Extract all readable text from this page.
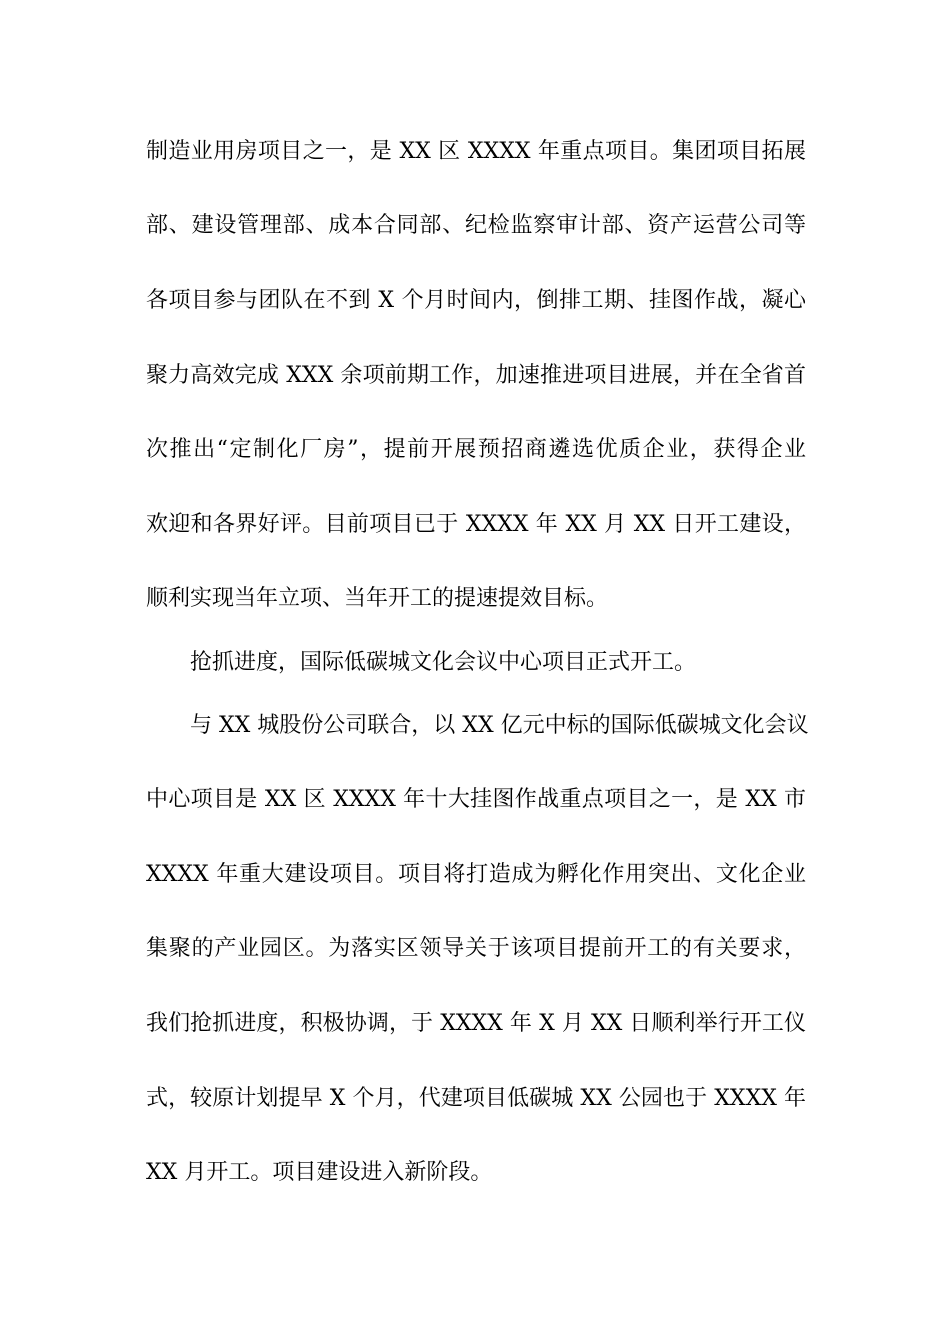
制造业用房项目之一，是 XX 区 XXXX 年重点项目。集团项目拓展
部、建设管理部、成本合同部、纪检监察审计部、资产运营公司等
各项目参与团队在不到 X 个月时间内，倒排工期、挂图作战，凝心
聚力高效完成 XXX 余项前期工作，加速推进项目进展，并在全省首
次推出“定制化厂房”，提前开展预招商遴选优质企业，获得企业
欢迎和各界好评。目前项目已于 XXXX 年 XX 月 XX 日开工建设，
顺利实现当年立项、当年开工的提速提效目标。
抢抓进度，国际低碳城文化会议中心项目正式开工。
与 XX 城股份公司联合，以 XX 亿元中标的国际低碳城文化会议
中心项目是 XX 区 XXXX 年十大挂图作战重点项目之一，是 XX 市
XXXX 年重大建设项目。项目将打造成为孵化作用突出、文化企业
集聚的产业园区。为落实区领导关于该项目提前开工的有关要求，
我们抢抓进度，积极协调，于 XXXX 年 X 月 XX 日顺利举行开工仪
式，较原计划提早 X 个月，代建项目低碳城 XX 公园也于 XXXX 年
XX 月开工。项目建设进入新阶段。
